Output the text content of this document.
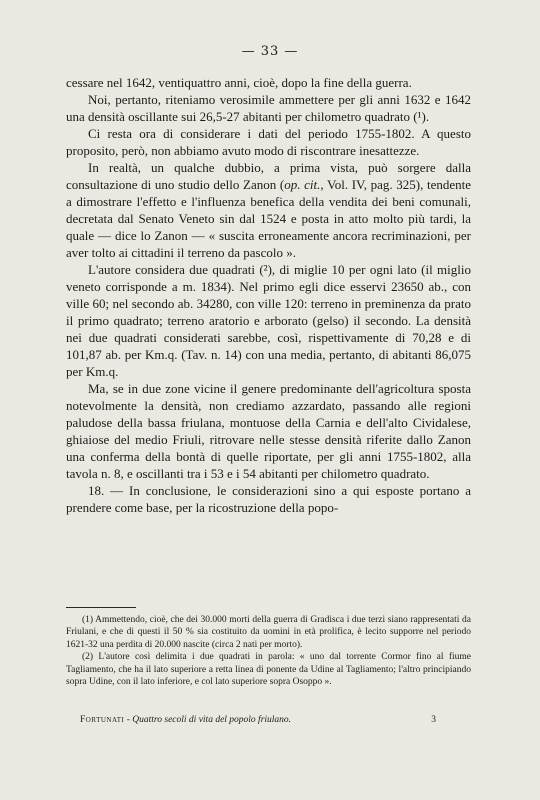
— 33 —

cessare nel 1642, ventiquattro anni, cioè, dopo la fine della guerra.

Noi, pertanto, riteniamo verosimile ammettere per gli anni 1632 e 1642 una densità oscillante sui 26,5-27 abitanti per chilometro quadrato (¹).

Ci resta ora di considerare i dati del periodo 1755-1802. A questo proposito, però, non abbiamo avuto modo di riscontrare inesattezze.

In realtà, un qualche dubbio, a prima vista, può sorgere dalla consultazione di uno studio dello Zanon (op. cit., Vol. IV, pag. 325), tendente a dimostrare l'effetto e l'influenza benefica della vendita dei beni comunali, decretata dal Senato Veneto sin dal 1524 e posta in atto molto più tardi, la quale — dice lo Zanon — « suscita erroneamente ancora recriminazioni, per aver tolto ai cittadini il terreno da pascolo ».

L'autore considera due quadrati (²), di miglie 10 per ogni lato (il miglio veneto corrisponde a m. 1834). Nel primo egli dice esservi 23650 ab., con ville 60; nel secondo ab. 34280, con ville 120: terreno in preminenza da prato il primo quadrato; terreno aratorio e arborato (gelso) il secondo. La densità nei due quadrati considerati sarebbe, così, rispettivamente di 70,28 e di 101,87 ab. per Km.q. (Tav. n. 14) con una media, pertanto, di abitanti 86,075 per Km.q.

Ma, se in due zone vicine il genere predominante dell'agricoltura sposta notevolmente la densità, non crediamo azzardato, passando alle regioni paludose della bassa friulana, montuose della Carnia e dell'alto Cividalese, ghiaiose del medio Friuli, ritrovare nelle stesse densità riferite dallo Zanon una conferma della bontà di quelle riportate, per gli anni 1755-1802, alla tavola n. 8, e oscillanti tra i 53 e i 54 abitanti per chilometro quadrato.

18. — In conclusione, le considerazioni sino a qui esposte portano a prendere come base, per la ricostruzione della popo-

(1) Ammettendo, cioè, che dei 30.000 morti della guerra di Gradisca i due terzi siano rappresentati da Friulani, e che di questi il 50 % sia costituito da uomini in età prolifica, è lecito supporre nel periodo 1621-32 una perdita di 20.000 nascite (circa 2 nati per morto).

(2) L'autore così delimita i due quadrati in parola: « uno dal torrente Cormor fino al fiume Tagliamento, che ha il lato superiore a retta linea di ponente da Udine al Tagliamento; l'altro principiando sopra Udine, con il lato inferiore, e col lato superiore sopra Osoppo ».

Fortunati - Quattro secoli di vita del popolo friulano.	3
